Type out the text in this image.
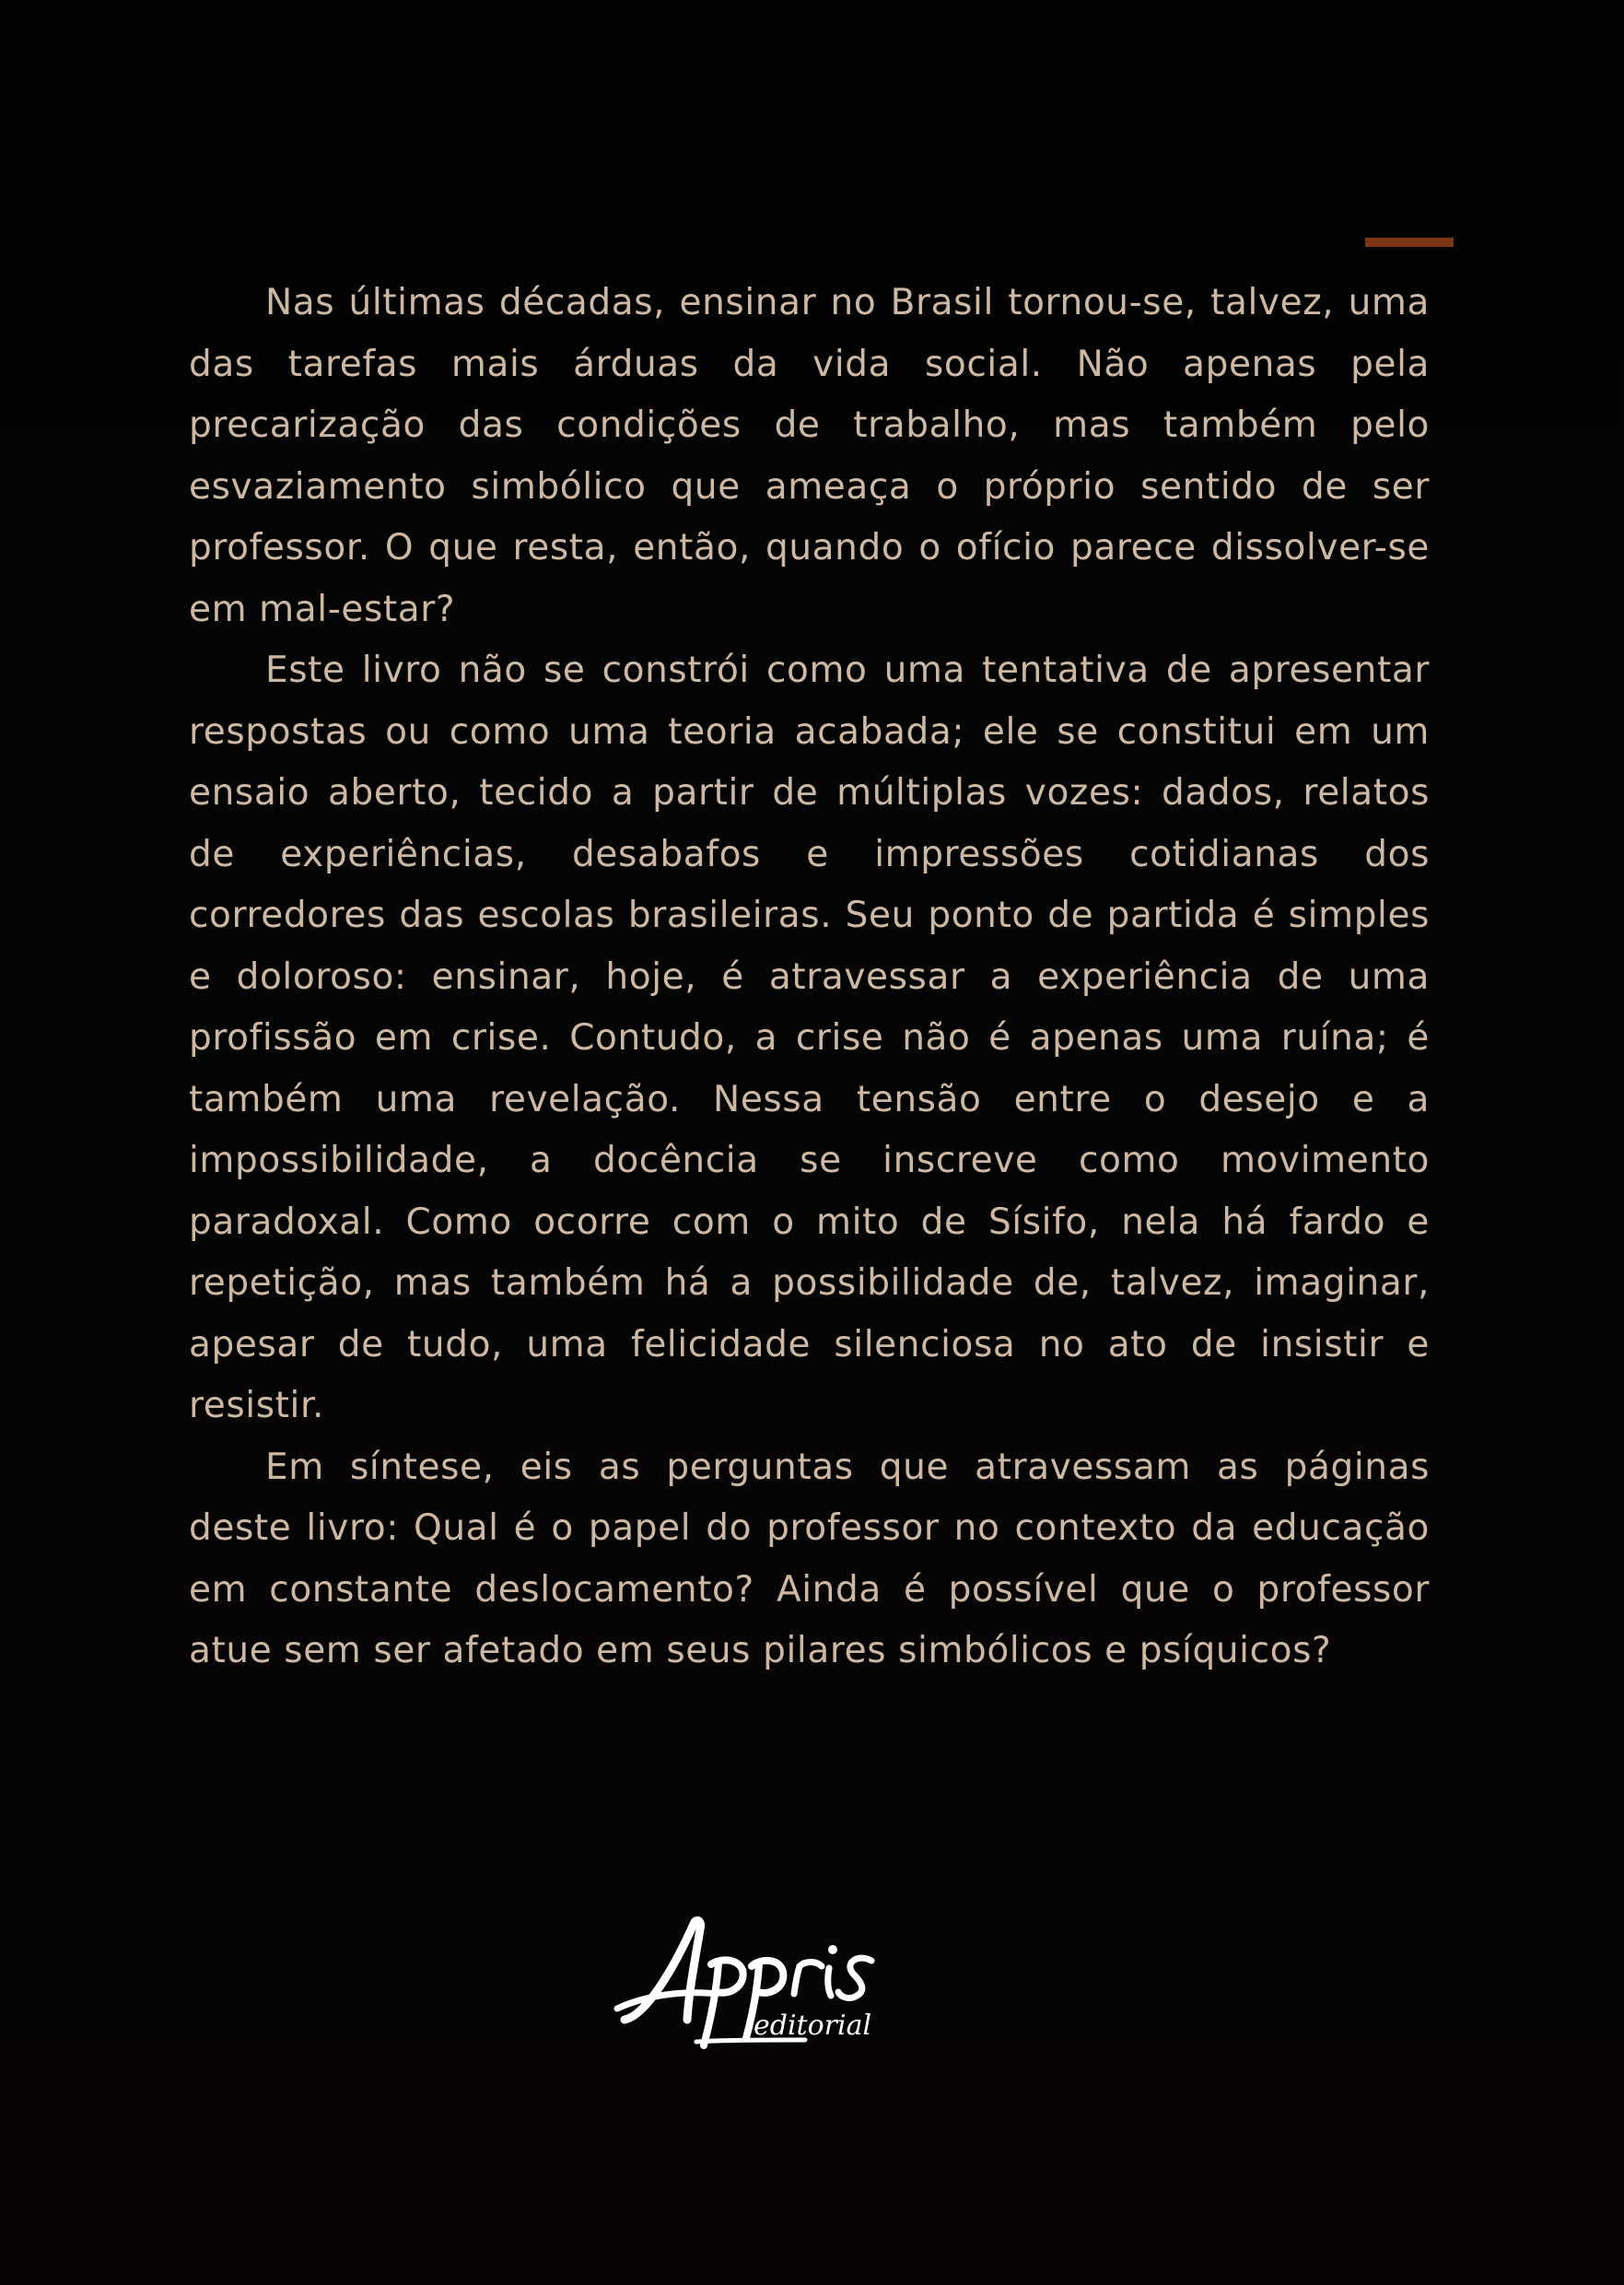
Nas últimas décadas, ensinar no Brasil tornou-se, talvez, uma das tarefas mais árduas da vida social. Não apenas pela precarização das condições de trabalho, mas também pelo esvaziamento simbólico que ameaça o próprio sentido de ser professor. O que resta, então, quando o ofício parece dissolver-se em mal-estar?

Este livro não se constrói como uma tentativa de apresentar respostas ou como uma teoria acabada; ele se constitui em um ensaio aberto, tecido a partir de múltiplas vozes: dados, relatos de experiências, desabafos e impressões cotidianas dos corredores das escolas brasileiras. Seu ponto de partida é simples e doloroso: ensinar, hoje, é atravessar a experiência de uma profissão em crise. Contudo, a crise não é apenas uma ruína; é também uma revelação. Nessa tensão entre o desejo e a impossibilidade, a docência se inscreve como movimento paradoxal. Como ocorre com o mito de Sísifo, nela há fardo e repetição, mas também há a possibilidade de, talvez, imaginar, apesar de tudo, uma felicidade silenciosa no ato de insistir e resistir.

Em síntese, eis as perguntas que atravessam as páginas deste livro: Qual é o papel do professor no contexto da educação em constante deslocamento? Ainda é possível que o professor atue sem ser afetado em seus pilares simbólicos e psíquicos?

editorial
